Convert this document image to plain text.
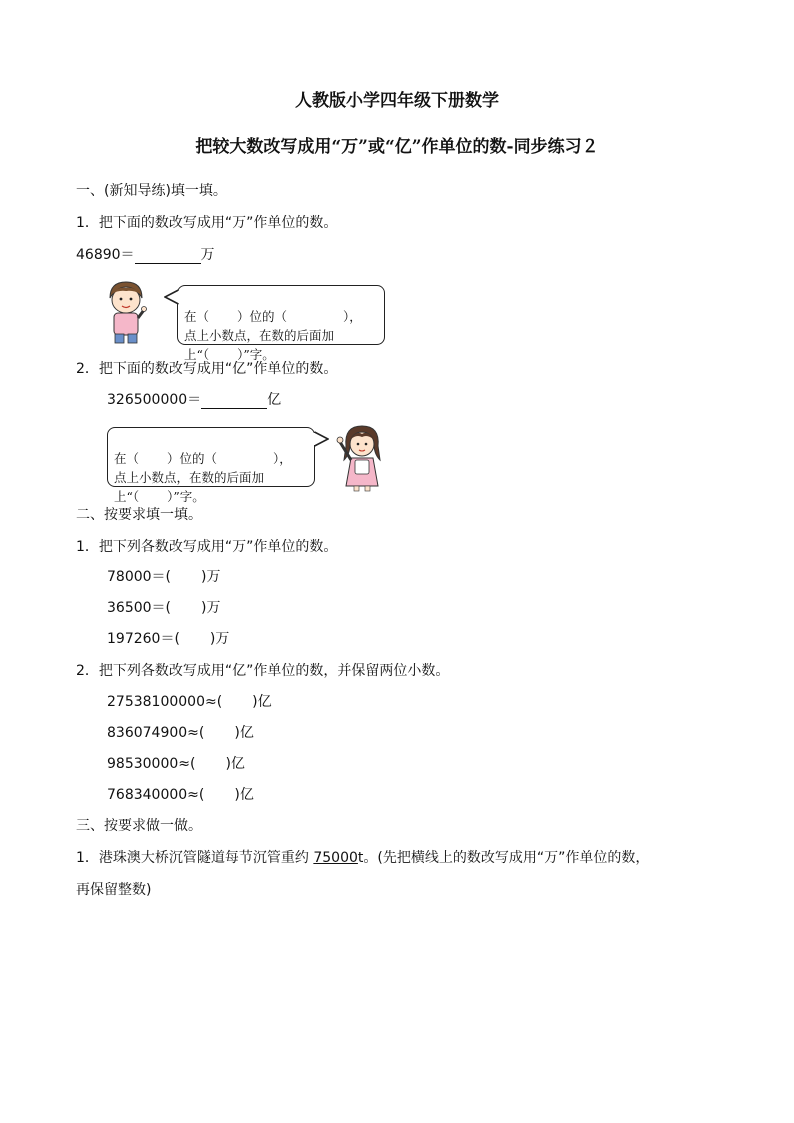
人教版小学四年级下册数学
把较大数改写成用“万”或“亿”作单位的数-同步练习２
一、(新知导练)填一填。
1．把下面的数改写成用“万”作单位的数。
46890＝	万

在（ ）位的（	），
点上小数点，在数的后面加
上“（ ）”字。
2．把下面的数改写成用“亿”作单位的数。
326500000＝	亿

在（ ）位的（	），
点上小数点，在数的后面加
上“（ ）”字。
二、按要求填一填。
1．把下列各数改写成用“万”作单位的数。
78000＝( )万
36500＝( )万
197260＝( )万
2．把下列各数改写成用“亿”作单位的数，并保留两位小数。
27538100000≈( )亿
836074900≈( )亿
98530000≈( )亿
768340000≈( )亿
三、按要求做一做。
1．港珠澳大桥沉管隧道每节沉管重约 75000t。(先把横线上的数改写成用“万”作单位的数，
再保留整数)
